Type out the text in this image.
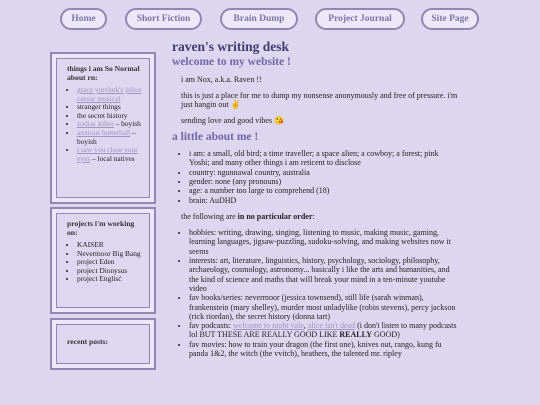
Home	Short Fiction	Brain Dump	Project Journal	Site Page
things i am So Normal about rn:
• grace yurchuk's julius caesar musical
• stranger things
• the secret history
• zodiac killer – boyish
• anxious butterball – boyish
• i saw you close your eyes – local natives
projects i'm working on:
• KAISER
• Nevermoor Big Bang
• project Eden
• project Dionysus
• project Englisć
recent posts:
raven's writing desk
welcome to my website !
i am Nox, a.k.a. Raven !!
this is just a place for me to dump my nonsense anonymously and free of pressure. i'm just hangin out ✌️
sending love and good vibes 😘
a little about me !
• i am: a small, old bird; a time traveller; a space alien; a cowboy; a forest; pink Yoshi; and many other things i am reticent to disclose
• country: ngunnawal country, australia
• gender: none (any pronouns)
• age: a number too large to comprehend (18)
• brain: AuDHD
the following are in no particular order:
• hobbies: writing, drawing, singing, listening to music, making music, gaming, learning languages, jigsaw-puzzling, sudoku-solving, and making websites now it seems
• interests: art, literature, linguistics, history, psychology, sociology, philosophy, archaeology, cosmology, astronomy... basically i like the arts and humanities, and the kind of science and maths that will break your mind in a ten-minute youtube video
• fav books/series: nevermoor (jessica townsend), still life (sarah winman), frankenstein (mary shelley), murder most unladylike (robin stevens), percy jackson (rick riordan), the secret history (donna tart)
• fav podcasts: welcome to night vale, alice isn't dead (i don't listen to many podcasts lol BUT THESE ARE REALLY GOOD LIKE REALLY GOOD)
• fav movies: how to train your dragon (the first one), knives out, rango, kung fu panda 1&2, the witch (the vvitch), heathers, the talented mr. ripley
